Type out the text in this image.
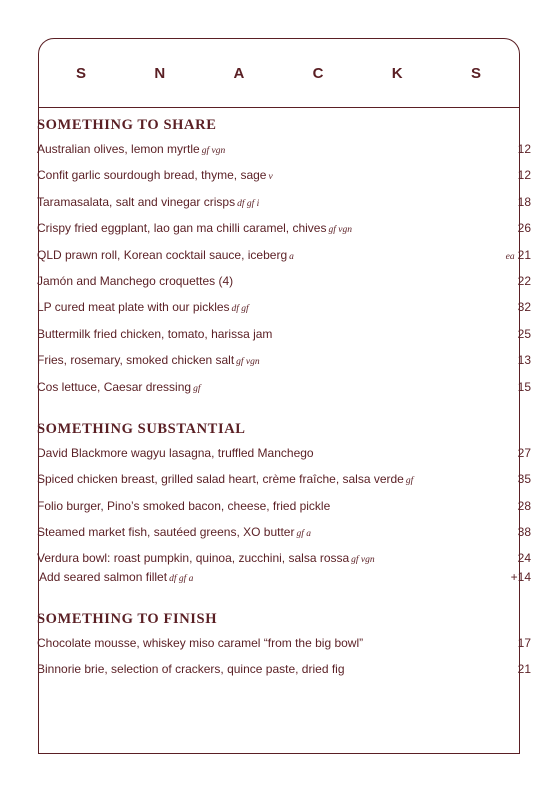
S	N	A	C	K	S
SOMETHING TO SHARE
Australian olives, lemon myrtle gf vgn	12
Confit garlic sourdough bread, thyme, sage v	12
Taramasalata, salt and vinegar crisps df gf i	18
Crispy fried eggplant, lao gan ma chilli caramel, chives gf vgn	26
QLD prawn roll, Korean cocktail sauce, iceberg a	ea 21
Jamón and Manchego croquettes (4)	22
LP cured meat plate with our pickles df gf	32
Buttermilk fried chicken, tomato, harissa jam	25
Fries, rosemary, smoked chicken salt gf vgn	13
Cos lettuce, Caesar dressing gf	15
SOMETHING SUBSTANTIAL
David Blackmore wagyu lasagna, truffled Manchego	27
Spiced chicken breast, grilled salad heart, crème fraîche, salsa verde gf	35
Folio burger, Pino’s smoked bacon, cheese, fried pickle	28
Steamed market fish, sautéed greens, XO butter gf a	38
Verdura bowl: roast pumpkin, quinoa, zucchini, salsa rossa gf vgn	24
Add seared salmon fillet df gf a	+14
SOMETHING TO FINISH
Chocolate mousse, whiskey miso caramel “from the big bowl”	17
Binnorie brie, selection of crackers, quince paste, dried fig	21
